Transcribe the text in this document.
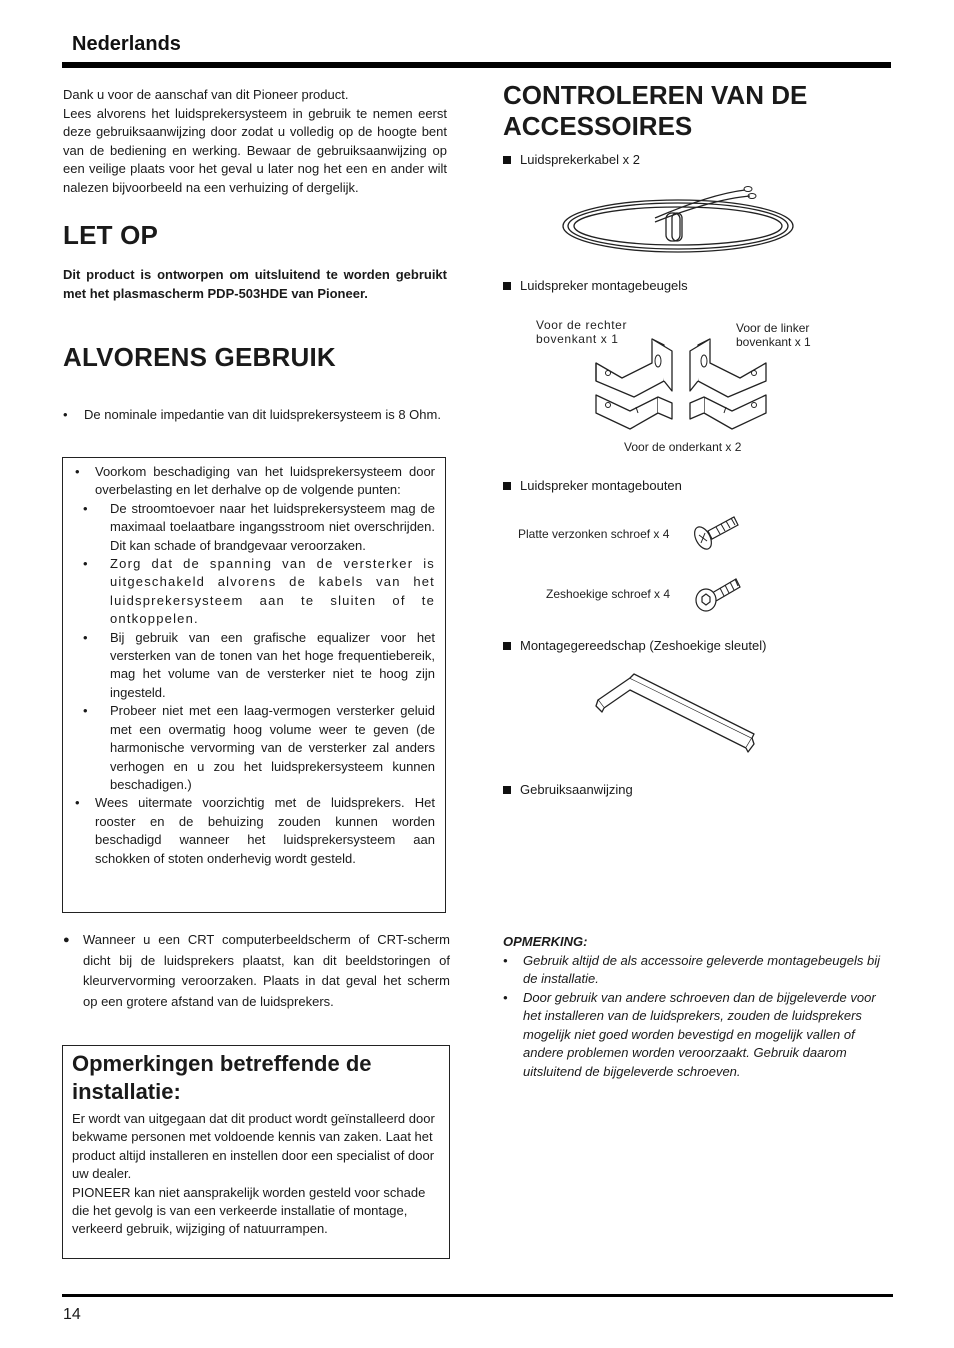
Nederlands

Dank u voor de aanschaf van dit Pioneer product.

Lees alvorens het luidsprekersysteem in gebruik te nemen eerst deze gebruiksaanwijzing door zodat u volledig op de hoogte bent van de bediening en werking. Bewaar de gebruiksaanwijzing op een veilige plaats voor het geval u later nog het een en ander wilt nalezen bijvoorbeeld na een verhuizing of dergelijk.

LET OP
Dit product is ontworpen om uitsluitend te worden gebruikt met het plasmascherm PDP-503HDE van Pioneer.
ALVORENS GEBRUIK
•	De nominale impedantie van dit luidsprekersysteem is 8 Ohm.
•	Voorkom beschadiging van het luidsprekersysteem door overbelasting en let derhalve op de volgende punten:
•	De stroomtoevoer naar het luidsprekersysteem mag de maximaal toelaatbare ingangsstroom niet overschrijden. Dit kan schade of brandgevaar veroorzaken.
•	Zorg dat de spanning van de versterker is uitgeschakeld alvorens de kabels van het luidsprekersysteem aan te sluiten of te ontkoppelen.
•	Bij gebruik van een grafische equalizer voor het versterken van de tonen van het hoge frequentiebereik, mag het volume van de versterker niet te hoog zijn ingesteld.
•	Probeer niet met een laag-vermogen versterker geluid met een overmatig hoog volume weer te geven (de harmonische vervorming van de versterker zal anders verhogen en u zou het luidsprekersysteem kunnen beschadigen.)
•	Wees uitermate voorzichtig met de luidsprekers. Het rooster en de behuizing zouden kunnen worden beschadigd wanneer het luidsprekersysteem aan schokken of stoten onderhevig wordt gesteld.
●	Wanneer u een CRT computerbeeldscherm of CRT-scherm dicht bij de luidsprekers plaatst, kan dit beeldstoringen of kleurvervorming veroorzaken. Plaats in dat geval het scherm op een grotere afstand van de luidsprekers.
Opmerkingen betreffende de installatie:

Er wordt van uitgegaan dat dit product wordt geïnstalleerd door bekwame personen met voldoende kennis van zaken. Laat het product altijd installeren en instellen door een specialist of door uw dealer.

PIONEER kan niet aansprakelijk worden gesteld voor schade die het gevolg is van een verkeerde installatie of montage, verkeerd gebruik, wijziging of natuurrampen.

CONTROLEREN VAN DE ACCESSOIRES
Luidsprekerkabel x 2
Luidspreker montagebeugels
Voor de rechter bovenkant x 1
Voor de linker bovenkant x 1
Voor de onderkant x 2
Luidspreker montagebouten
Platte verzonken schroef x 4
Zeshoekige schroef x 4
Montagegereedschap (Zeshoekige sleutel)
Gebruiksaanwijzing
OPMERKING:
•	Gebruik altijd de als accessoire geleverde montagebeugels bij de installatie.
•	Door gebruik van andere schroeven dan de bijgeleverde voor het installeren van de luidsprekers, zouden de luidsprekers mogelijk niet goed worden bevestigd en mogelijk vallen of andere problemen worden veroorzaakt. Gebruik daarom uitsluitend de bijgeleverde schroeven.
14
